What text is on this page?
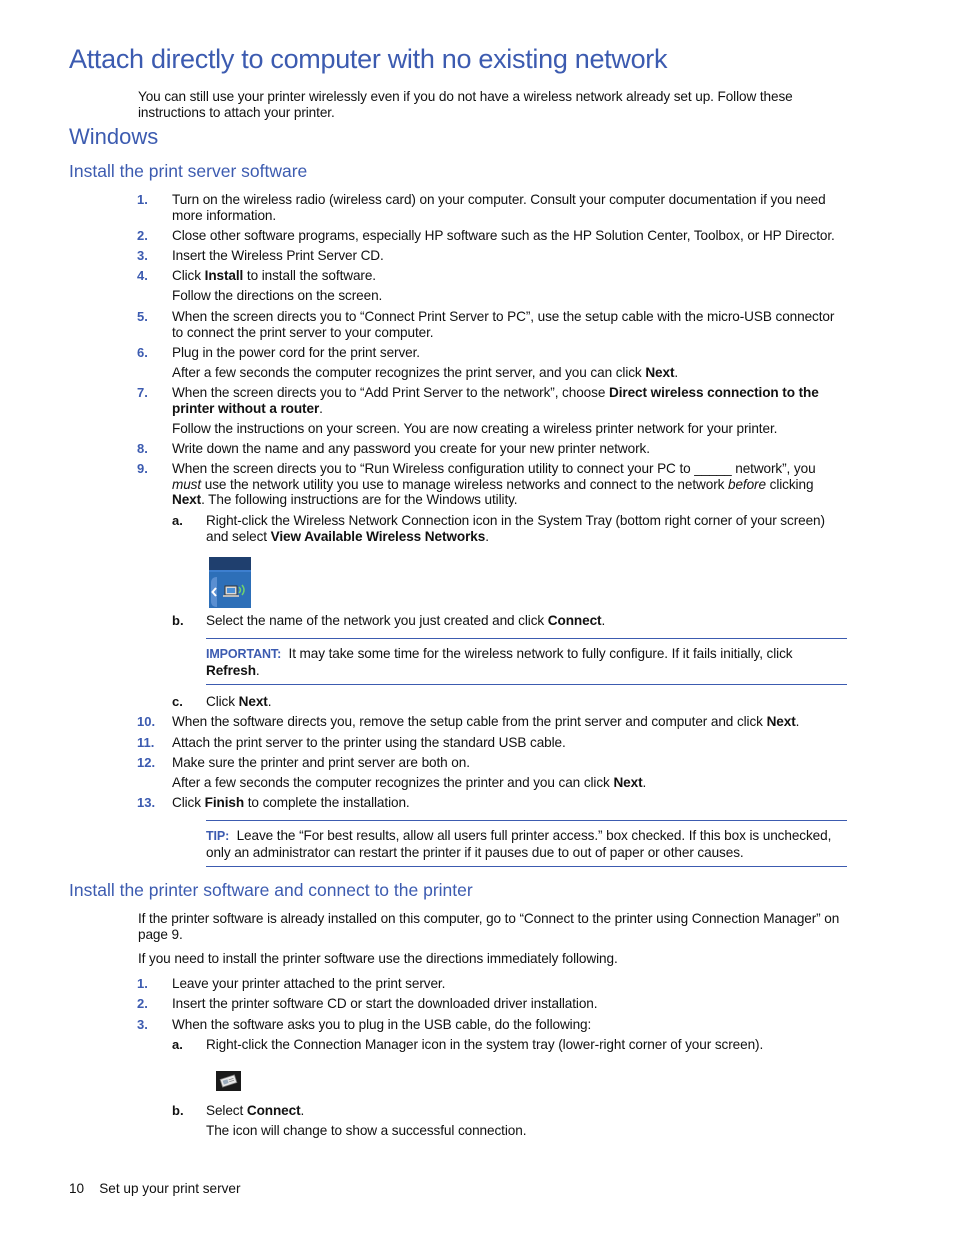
Attach directly to computer with no existing network
You can still use your printer wirelessly even if you do not have a wireless network already set up. Follow these instructions to attach your printer.
Windows
Install the print server software
1. Turn on the wireless radio (wireless card) on your computer. Consult your computer documentation if you need more information.
2. Close other software programs, especially HP software such as the HP Solution Center, Toolbox, or HP Director.
3. Insert the Wireless Print Server CD.
4. Click Install to install the software.
Follow the directions on the screen.
5. When the screen directs you to “Connect Print Server to PC”, use the setup cable with the micro-USB connector to connect the print server to your computer.
6. Plug in the power cord for the print server.
After a few seconds the computer recognizes the print server, and you can click Next.
7. When the screen directs you to “Add Print Server to the network”, choose Direct wireless connection to the printer without a router.
Follow the instructions on your screen. You are now creating a wireless printer network for your printer.
8. Write down the name and any password you create for your new printer network.
9. When the screen directs you to “Run Wireless configuration utility to connect your PC to _____ network”, you must use the network utility you use to manage wireless networks and connect to the network before clicking Next. The following instructions are for the Windows utility.
a. Right-click the Wireless Network Connection icon in the System Tray (bottom right corner of your screen) and select View Available Wireless Networks.
b. Select the name of the network you just created and click Connect.
IMPORTANT: It may take some time for the wireless network to fully configure. If it fails initially, click Refresh.
c. Click Next.
10. When the software directs you, remove the setup cable from the print server and computer and click Next.
11. Attach the print server to the printer using the standard USB cable.
12. Make sure the printer and print server are both on.
After a few seconds the computer recognizes the printer and you can click Next.
13. Click Finish to complete the installation.
TIP: Leave the “For best results, allow all users full printer access.” box checked. If this box is unchecked, only an administrator can restart the printer if it pauses due to out of paper or other causes.
Install the printer software and connect to the printer
If the printer software is already installed on this computer, go to “Connect to the printer using Connection Manager” on page 9.
If you need to install the printer software use the directions immediately following.
1. Leave your printer attached to the print server.
2. Insert the printer software CD or start the downloaded driver installation.
3. When the software asks you to plug in the USB cable, do the following:
a. Right-click the Connection Manager icon in the system tray (lower-right corner of your screen).
b. Select Connect.
The icon will change to show a successful connection.
10 Set up your print server
